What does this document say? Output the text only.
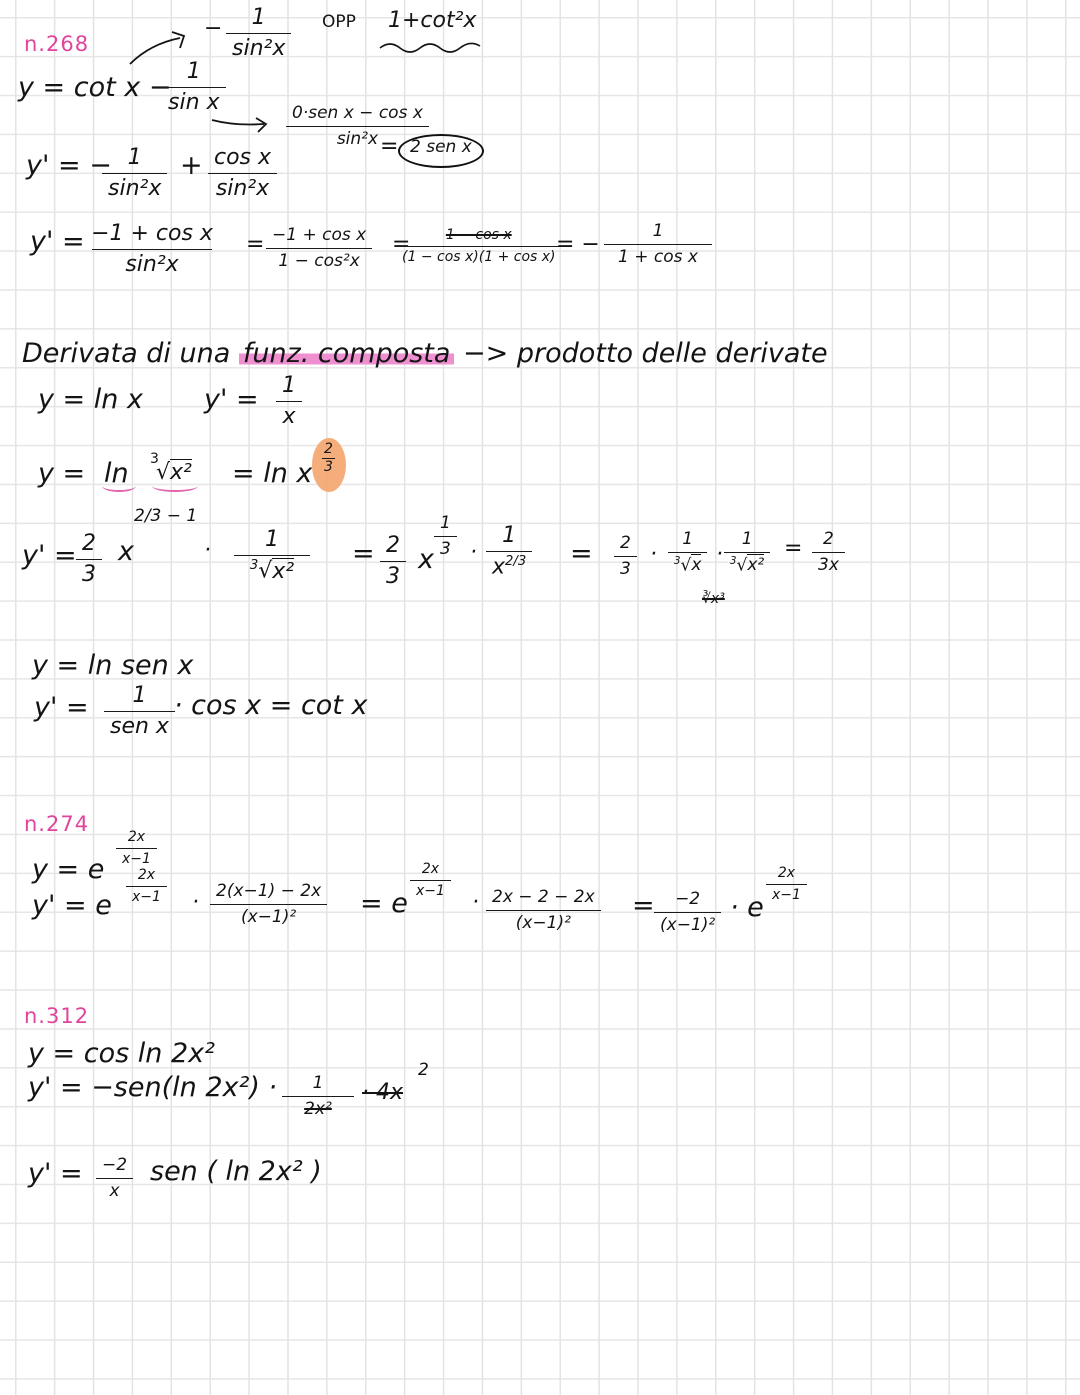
n.268
y = cot x −
1
sin x
− 1
sin²x
OPP 1+cot²x
0·sen x − cos x
sin²x = 2 sen x
y' = − 1
sin²x
+ cos x
sin²x
y' = −1 + cos x
sin²x
= −1 + cos x
1 − cos²x
=	1 − cos x
(1 − cos x)(1 + cos x)
= −
1
1 + cos x
Derivata di una funz. composta −> prodotto delle derivate
y = ln x y' = 1
x
y = ln 3
√x² = ln x
2
3
y' = 2
3
x
2/3 − 1
· 1
$^3$√x²
= 2
3
x
1
3 ·
1
$x^{2/3}$ =	2
3
·
1
$^3$√x ·
1
$^3$√x²
∛x³
=	2
3x
y = ln sen x
y' = 1
sen x
· cos x = cot x
n.274
y = e
2x
x−1
y' = e
2x
x−1 ·	2(x−1) − 2x
(x−1)² = e
2x
x−1 · 2x − 2 − 2x
(x−1)²
=	−2
(x−1)²
· e
2x
x−1
n.312
y = cos ln 2x²
y' = −sen(ln 2x²) ·	1
2x²
· 4x
2
y' =	−2
x
sen ( ln 2x² )
